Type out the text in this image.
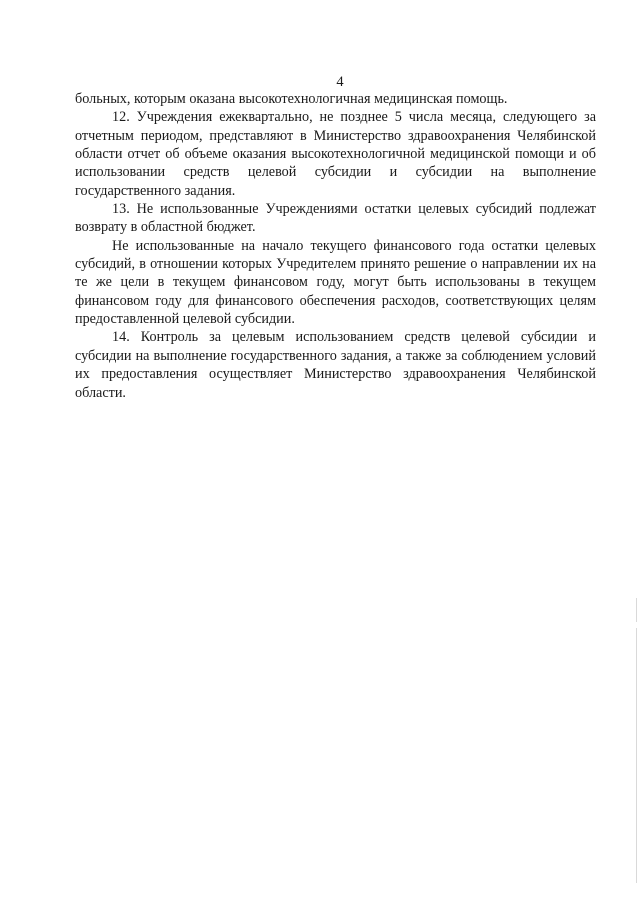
4

больных, которым оказана высокотехнологичная медицинская помощь.

12. Учреждения ежеквартально, не позднее 5 числа месяца, следующего за отчетным периодом, представляют в Министерство здравоохранения Челябинской области отчет об объеме оказания высокотехнологичной медицинской помощи и об использовании средств целевой субсидии и субсидии на выполнение государственного задания.

13. Не использованные Учреждениями остатки целевых субсидий подлежат возврату в областной бюджет.

Не использованные на начало текущего финансового года остатки целевых субсидий, в отношении которых Учредителем принято решение о направлении их на те же цели в текущем финансовом году, могут быть использованы в текущем финансовом году для финансового обеспечения расходов, соответствующих целям предоставленной целевой субсидии.

14. Контроль за целевым использованием средств целевой субсидии и субсидии на выполнение государственного задания, а также за соблюдением условий их предоставления осуществляет Министерство здравоохранения Челябинской области.
